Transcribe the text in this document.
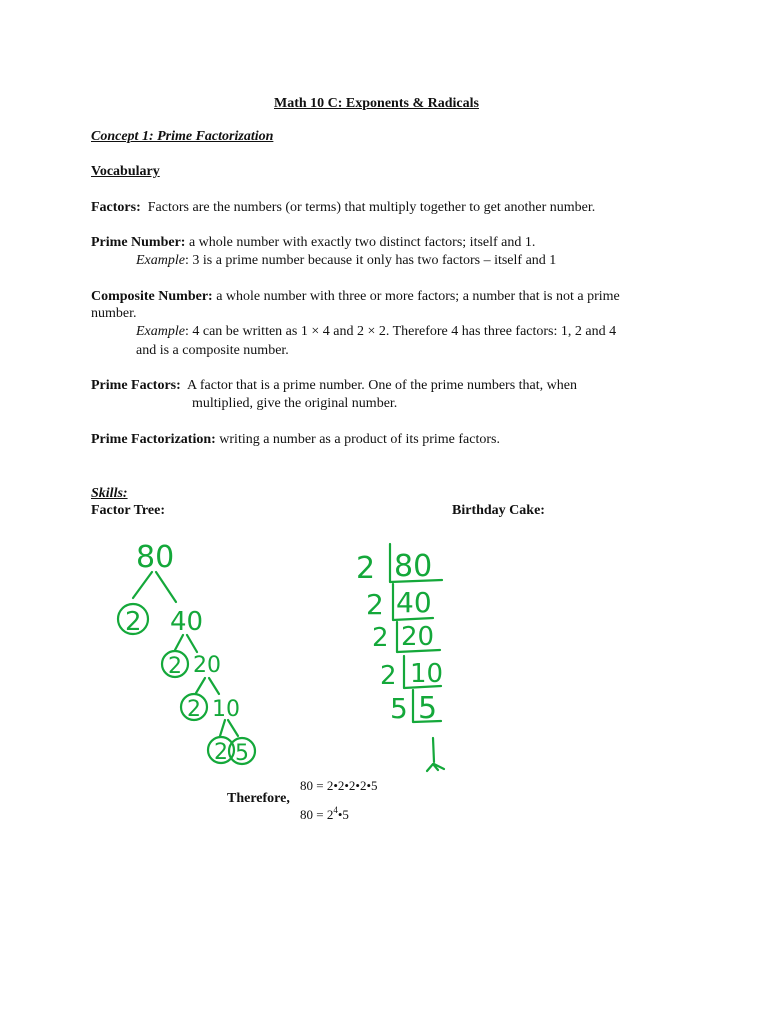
Math 10 C: Exponents & Radicals
Concept 1: Prime Factorization
Vocabulary
Factors: Factors are the numbers (or terms) that multiply together to get another number.
Prime Number: a whole number with exactly two distinct factors; itself and 1.
Example: 3 is a prime number because it only has two factors – itself and 1
Composite Number: a whole number with three or more factors; a number that is not a prime
number.
Example: 4 can be written as 1 × 4 and 2 × 2. Therefore 4 has three factors: 1, 2 and 4
and is a composite number.
Prime Factors: A factor that is a prime number. One of the prime numbers that, when
multiplied, give the original number.
Prime Factorization: writing a number as a product of its prime factors.
Skills:
Factor Tree:	Birthday Cake:
80
2 40
2 20
2 10
2 5
2 80
2 40
2 20
2 10
5 5
Therefore,
80 = 2•2•2•2•5
$80 = 2^4•5$
